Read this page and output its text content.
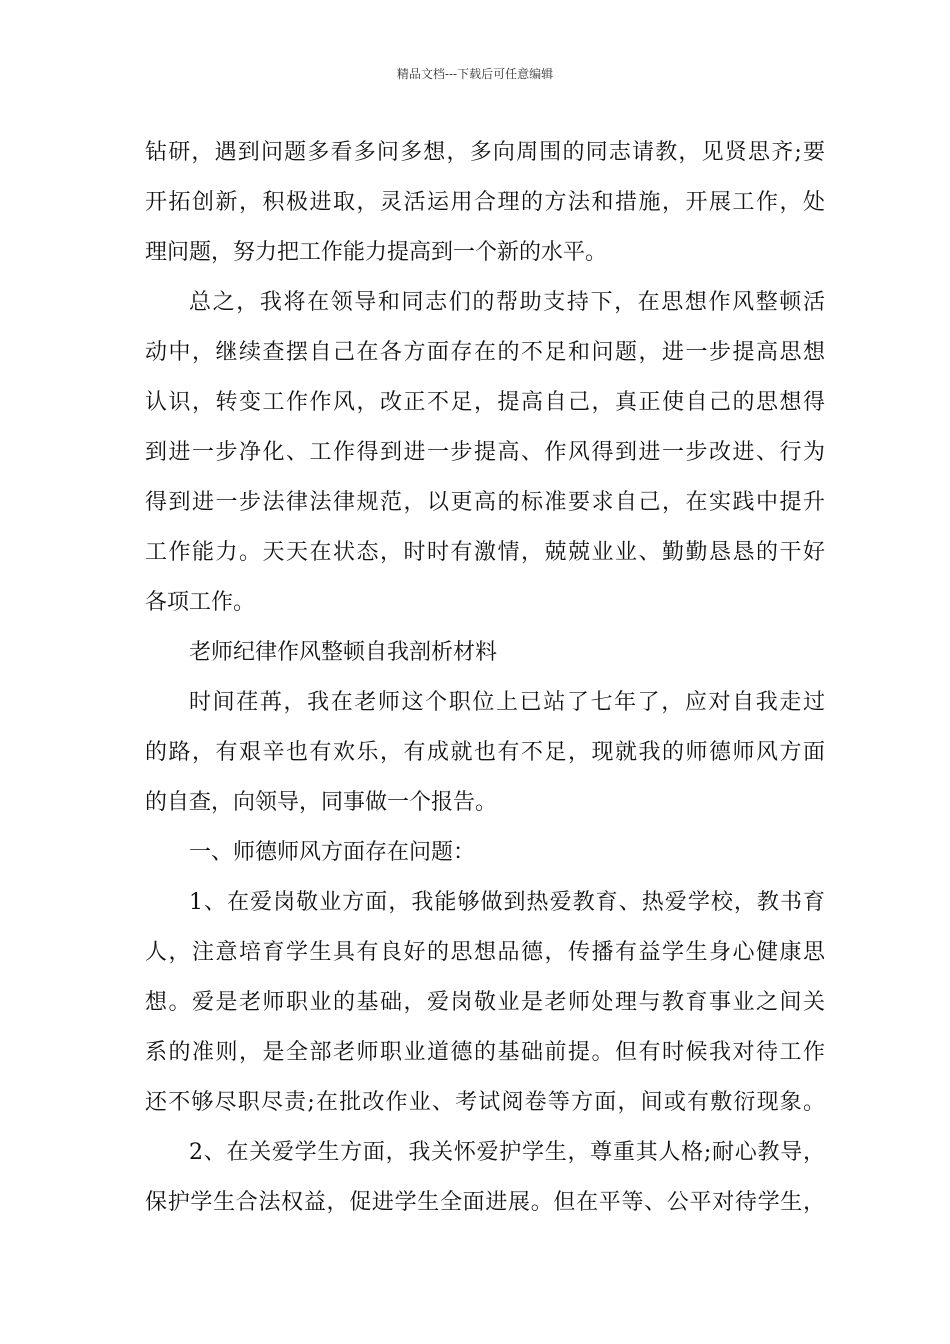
精品文档---下载后可任意编辑
钻研，遇到问题多看多问多想，多向周围的同志请教，见贤思齐;要
开拓创新，积极进取，灵活运用合理的方法和措施，开展工作，处
理问题，努力把工作能力提高到一个新的水平。
总之，我将在领导和同志们的帮助支持下，在思想作风整顿活
动中，继续查摆自己在各方面存在的不足和问题，进一步提高思想
认识，转变工作作风，改正不足，提高自己，真正使自己的思想得
到进一步净化、工作得到进一步提高、作风得到进一步改进、行为
得到进一步法律法律规范，以更高的标准要求自己，在实践中提升
工作能力。天天在状态，时时有激情，兢兢业业、勤勤恳恳的干好
各项工作。
老师纪律作风整顿自我剖析材料
时间荏苒，我在老师这个职位上已站了七年了，应对自我走过
的路，有艰辛也有欢乐，有成就也有不足，现就我的师德师风方面
的自查，向领导，同事做一个报告。
一、师德师风方面存在问题：
1、在爱岗敬业方面，我能够做到热爱教育、热爱学校，教书育
人，注意培育学生具有良好的思想品德，传播有益学生身心健康思
想。爱是老师职业的基础，爱岗敬业是老师处理与教育事业之间关
系的准则，是全部老师职业道德的基础前提。但有时候我对待工作
还不够尽职尽责;在批改作业、考试阅卷等方面，间或有敷衍现象。
2、在关爱学生方面，我关怀爱护学生，尊重其人格;耐心教导，
保护学生合法权益，促进学生全面进展。但在平等、公平对待学生，
